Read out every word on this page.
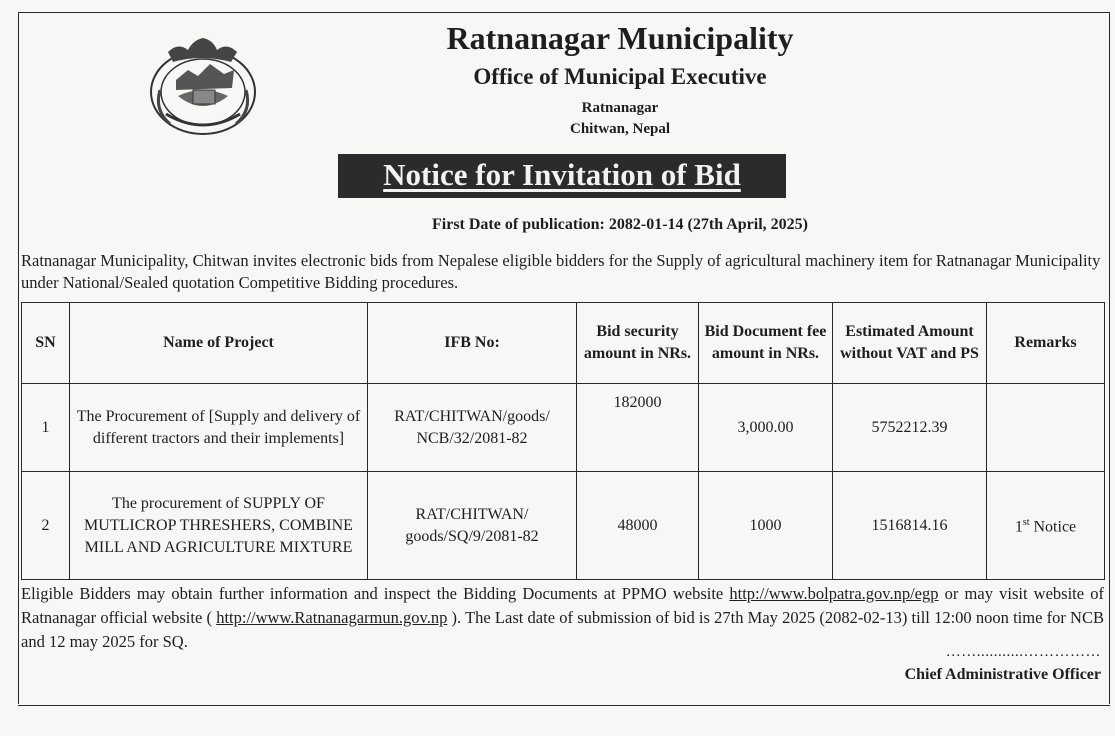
Ratnanagar Municipality
Office of Municipal Executive
Ratnanagar
Chitwan, Nepal
Notice for Invitation of Bid
First Date of publication: 2082-01-14 (27th April, 2025)
Ratnanagar Municipality, Chitwan invites electronic bids from Nepalese eligible bidders for the Supply of agricultural machinery item for Ratnanagar Municipality under National/Sealed quotation Competitive Bidding procedures.
SN	Name of Project	IFB No:	Bid security amount in NRs.	Bid Document fee amount in NRs.	Estimated Amount without VAT and PS	Remarks
1	The Procurement of [Supply and delivery of different tractors and their implements]	RAT/CHITWAN/goods/ NCB/32/2081-82	182000	3,000.00	5752212.39	
2	The procurement of SUPPLY OF MUTLICROP THRESHERS, COMBINE MILL AND AGRICULTURE MIXTURE	RAT/CHITWAN/ goods/SQ/9/2081-82	48000	1000	1516814.16	1st Notice
Eligible Bidders may obtain further information and inspect the Bidding Documents at PPMO website http://www.bolpatra.gov.np/egp or may visit website of Ratnanagar official website ( http://www.Ratnanagarmun.gov.np ). The Last date of submission of bid is 27th May 2025 (2082-02-13) till 12:00 noon time for NCB and 12 may 2025 for SQ.
……...........……………
Chief Administrative Officer
